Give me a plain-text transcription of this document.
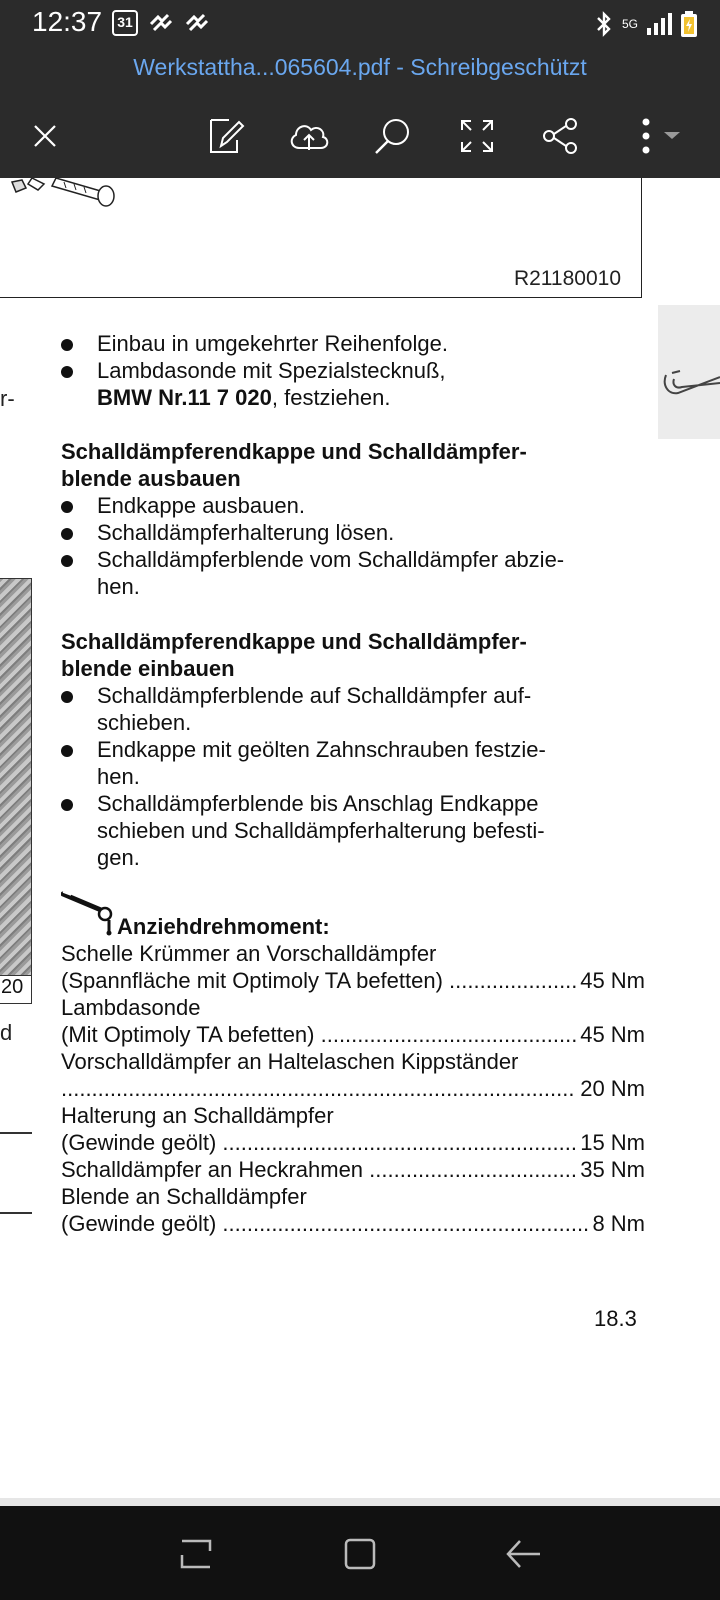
12:37	31	5G
Werkstattha...065604.pdf - Schreibgeschützt
R21180010
r-
20
d
Einbau in umgekehrter Reihenfolge.
Lambdasonde mit Spezialstecknuß,
BMW Nr.11 7 020, festziehen.
Schalldämpferendkappe und Schalldämpfer-
blende ausbauen
Endkappe ausbauen.
Schalldämpferhalterung lösen.
Schalldämpferblende vom Schalldämpfer abzie-
hen.
Schalldämpferendkappe und Schalldämpfer-
blende einbauen
Schalldämpferblende auf Schalldämpfer auf-
schieben.
Endkappe mit geölten Zahnschrauben festzie-
hen.
Schalldämpferblende bis Anschlag Endkappe
schieben und Schalldämpferhalterung befesti-
gen.
Anziehdrehmoment:
Schelle Krümmer an Vorschalldämpfer
(Spannfläche mit Optimoly TA befetten) .....	45 Nm
Lambdasonde
(Mit Optimoly TA befetten) .....	45 Nm
Vorschalldämpfer an Haltelaschen Kippständer
.....
20 Nm
Halterung an Schalldämpfer
(Gewinde geölt) .....	15 Nm
Schalldämpfer an Heckrahmen .....	35 Nm
Blende an Schalldämpfer
(Gewinde geölt) .....	8 Nm
18.3
